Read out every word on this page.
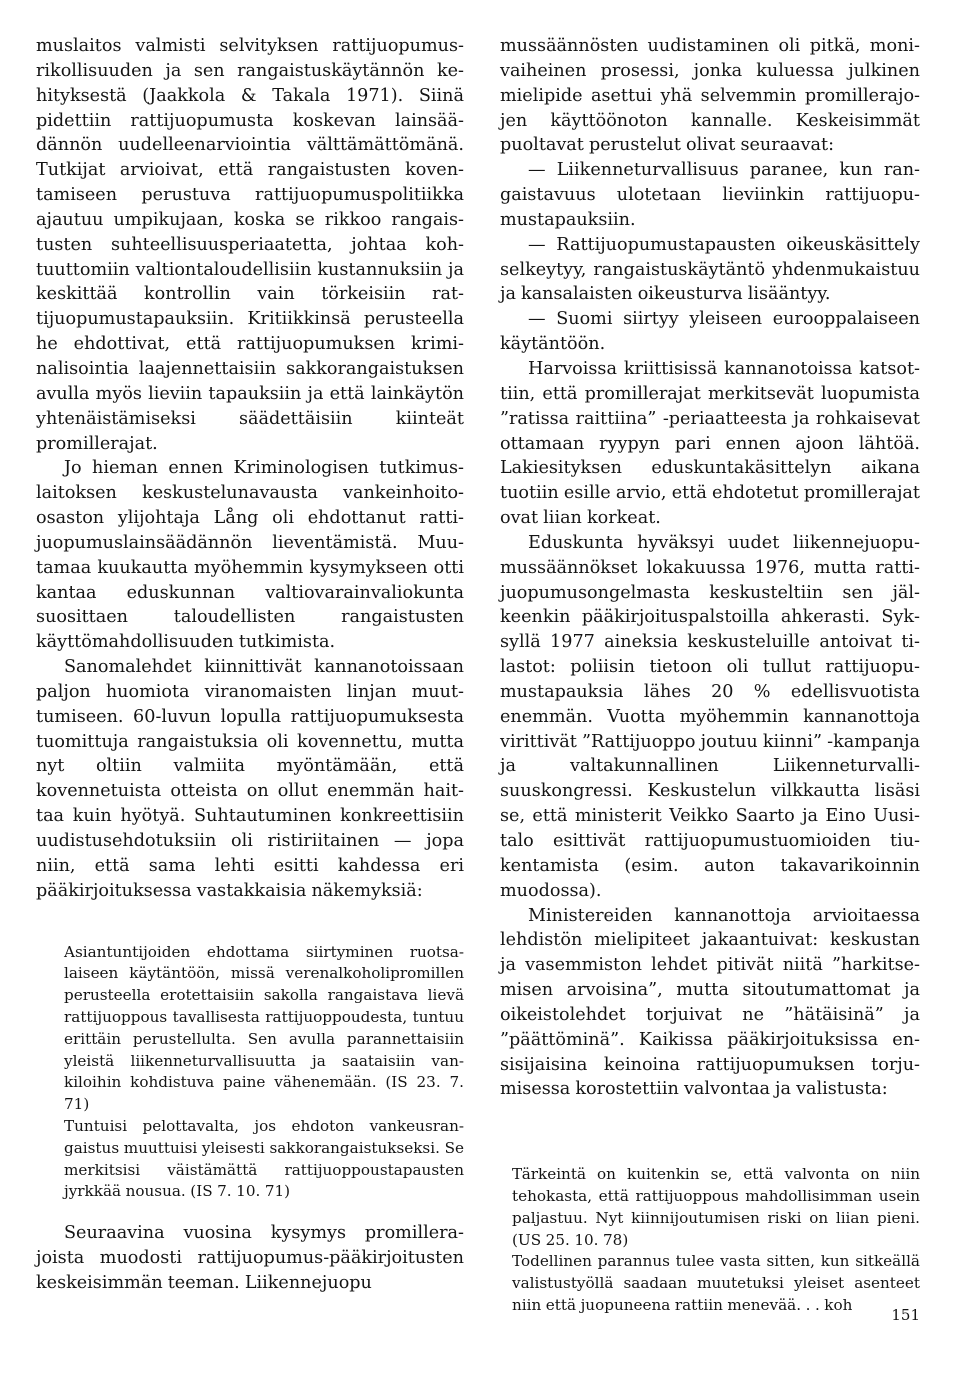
muslaitos valmisti selvityksen rattijuopumusrikollisuuden ja sen rangaistuskäytännön kehityksestä (Jaakkola & Takala 1971). Siinä pidettiin rattijuopumusta koskevan lainsäädännön uudelleenarviointia välttämättömänä. Tutkijat arvioivat, että rangaistusten koventamiseen perustuva rattijuopumuspolitiikka ajautuu umpikujaan, koska se rikkoo rangaistusten suhteellisuusperiaatetta, johtaa kohtuuttomiin valtiontaloudellisiin kustannuksiin ja keskittää kontrollin vain törkeisiin rattijuopumustapauksiin. Kritiikkinsä perusteella he ehdottivat, että rattijuopumuksen kriminalisointia laajennettaisiin sakkorangaistuksen avulla myös lieviin tapauksiin ja että lainkäytön yhtenäistämiseksi säädettäisiin kiinteät promillerajat.

Jo hieman ennen Kriminologisen tutkimuslaitoksen keskustelunavausta vankeinhoitoosaston ylijohtaja Lång oli ehdottanut rattijuopumuslainsäädännön lieventämistä. Muutamaa kuukautta myöhemmin kysymykseen otti kantaa eduskunnan valtiovarainvaliokunta suosittaen taloudellisten rangaistusten käyttömahdollisuuden tutkimista.

Sanomalehdet kiinnittivät kannanotoissaan paljon huomiota viranomaisten linjan muuttumiseen. 60-luvun lopulla rattijuopumuksesta tuomittuja rangaistuksia oli kovennettu, mutta nyt oltiin valmiita myöntämään, että kovennetuista otteista on ollut enemmän haittaa kuin hyötyä. Suhtautuminen konkreettisiin uudistusehdotuksiin oli ristiriitainen — jopa niin, että sama lehti esitti kahdessa eri pääkirjoituksessa vastakkaisia näkemyksiä:

Asiantuntijoiden ehdottama siirtyminen ruotsalaiseen käytäntöön, missä verenalkoholipromillen perusteella erotettaisiin sakolla rangaistava lievä rattijuoppous tavallisesta rattijuoppoudesta, tuntuu erittäin perustellulta. Sen avulla parannettaisiin yleistä liikenneturvallisuutta ja saataisiin vankiloihin kohdistuva paine vähenemään. (IS 23. 7. 71)

Tuntuisi pelottavalta, jos ehdoton vankeusrangaistus muuttuisi yleisesti sakkorangaistukseksi. Se merkitsisi väistämättä rattijuoppoustapausten jyrkkää nousua. (IS 7. 10. 71)

Seuraavina vuosina kysymys promillerajoista muodosti rattijuopumus-pääkirjoitusten keskeisimmän teeman. Liikennejuopu

mussäännösten uudistaminen oli pitkä, monivaiheinen prosessi, jonka kuluessa julkinen mielipide asettui yhä selvemmin promillerajojen käyttöönoton kannalle. Keskeisimmät puoltavat perustelut olivat seuraavat:

— Liikenneturvallisuus paranee, kun rangaistavuus ulotetaan lieviinkin rattijuopumustapauksiin.

— Rattijuopumustapausten oikeuskäsittely selkeytyy, rangaistuskäytäntö yhdenmukaistuu ja kansalaisten oikeusturva lisääntyy.

— Suomi siirtyy yleiseen eurooppalaiseen käytäntöön.

Harvoissa kriittisissä kannanotoissa katsottiin, että promillerajat merkitsevät luopumista ”ratissa raittiina” -periaatteesta ja rohkaisevat ottamaan ryypyn pari ennen ajoon lähtöä. Lakiesityksen eduskuntakäsittelyn aikana tuotiin esille arvio, että ehdotetut promillerajat ovat liian korkeat.

Eduskunta hyväksyi uudet liikennejuopumussäännökset lokakuussa 1976, mutta rattijuopumusongelmasta keskusteltiin sen jälkeenkin pääkirjoituspalstoilla ahkerasti. Syksyllä 1977 aineksia keskusteluille antoivat tilastot: poliisin tietoon oli tullut rattijuopumustapauksia lähes 20 % edellisvuotista enemmän. Vuotta myöhemmin kannanottoja virittivät ”Rattijuoppo joutuu kiinni” -kampanja ja valtakunnallinen Liikenneturvallisuuskongressi. Keskustelun vilkkautta lisäsi se, että ministerit Veikko Saarto ja Eino Uusitalo esittivät rattijuopumustuomioiden tiukentamista (esim. auton takavarikoinnin muodossa).

Ministereiden kannanottoja arvioitaessa lehdistön mielipiteet jakaantuivat: keskustan ja vasemmiston lehdet pitivät niitä ”harkitsemisen arvoisina”, mutta sitoutumattomat ja oikeistolehdet torjuivat ne ”hätäisinä” ja ”päättöminä”. Kaikissa pääkirjoituksissa ensisijaisina keinoina rattijuopumuksen torjumisessa korostettiin valvontaa ja valistusta:

Tärkeintä on kuitenkin se, että valvonta on niin tehokasta, että rattijuoppous mahdollisimman usein paljastuu. Nyt kiinnijoutumisen riski on liian pieni. (US 25. 10. 78)

Todellinen parannus tulee vasta sitten, kun sitkeällä valistustyöllä saadaan muutetuksi yleiset asenteet niin että juopuneena rattiin menevää. . . koh

151
